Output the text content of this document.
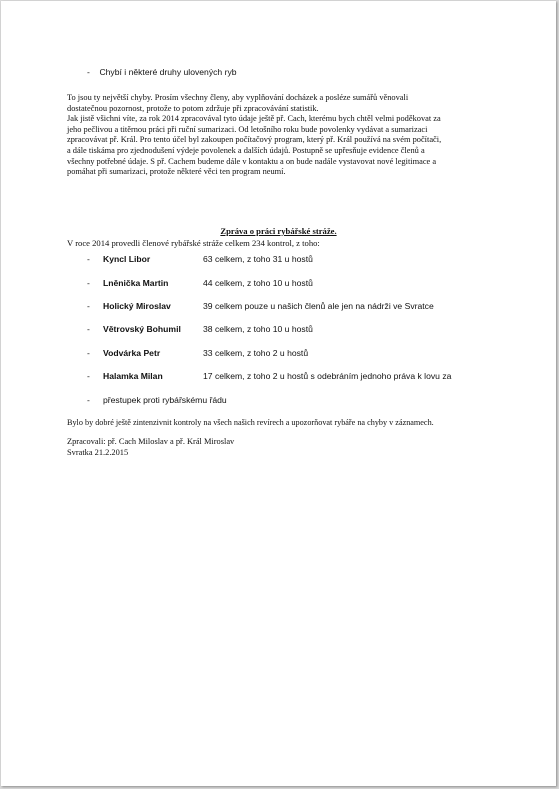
- Chybí i některé druhy ulovených ryb
To jsou ty největší chyby. Prosím všechny členy, aby vyplňování docházek a posléze sumářů věnovali
dostatečnou pozornost, protože to potom zdržuje při zpracovávání statistik.
Jak jistě všichni víte, za rok 2014 zpracovával tyto údaje ještě př. Cach, kterému bych chtěl velmi poděkovat za
jeho pečlivou a titěrnou práci při ruční sumarizaci. Od letošního roku bude povolenky vydávat a sumarizaci
zpracovávat př. Král. Pro tento účel byl zakoupen počítačový program, který př. Král používá na svém počítači,
a dále tiskáma pro zjednodušení výdeje povolenek a dalších údajů. Postupně se upřesňuje evidence členů a
všechny potřebné údaje. S př. Cachem budeme dále v kontaktu a on bude nadále vystavovat nové legitimace a
pomáhat při sumarizaci, protože některé věci ten program neumí.
Zpráva o práci rybářské stráže.
V roce 2014 provedli členové rybářské stráže celkem 234 kontrol, z toho:
- Kyncl Libor	63 celkem, z toho 31 u hostů
- Lněnička Martin	44 celkem, z toho 10 u hostů
- Holický Miroslav	39 celkem pouze u našich členů ale jen na nádrži ve Svratce
- Větrovský Bohumil	38 celkem, z toho 10 u hostů
- Vodvárka Petr	33 celkem, z toho 2 u hostů
- Halamka Milan	17 celkem, z toho 2 u hostů s odebráním jednoho práva k lovu za
- přestupek proti rybářskému řádu
Bylo by dobré ještě zintenzivnit kontroly na všech našich revírech a upozorňovat rybáře na chyby v záznamech.
Zpracovali: př. Cach Miloslav a př. Král Miroslav
Svratka 21.2.2015
